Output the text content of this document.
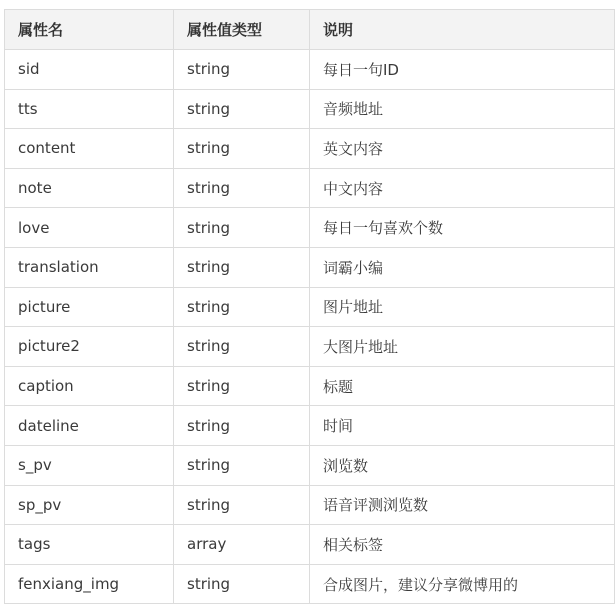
属性名	属性值类型	说明
sid	string	每日一句ID
tts	string	音频地址
content	string	英文内容
note	string	中文内容
love	string	每日一句喜欢个数
translation	string	词霸小编
picture	string	图片地址
picture2	string	大图片地址
caption	string	标题
dateline	string	时间
s_pv	string	浏览数
sp_pv	string	语音评测浏览数
tags	array	相关标签
fenxiang_img	string	合成图片，建议分享微博用的
